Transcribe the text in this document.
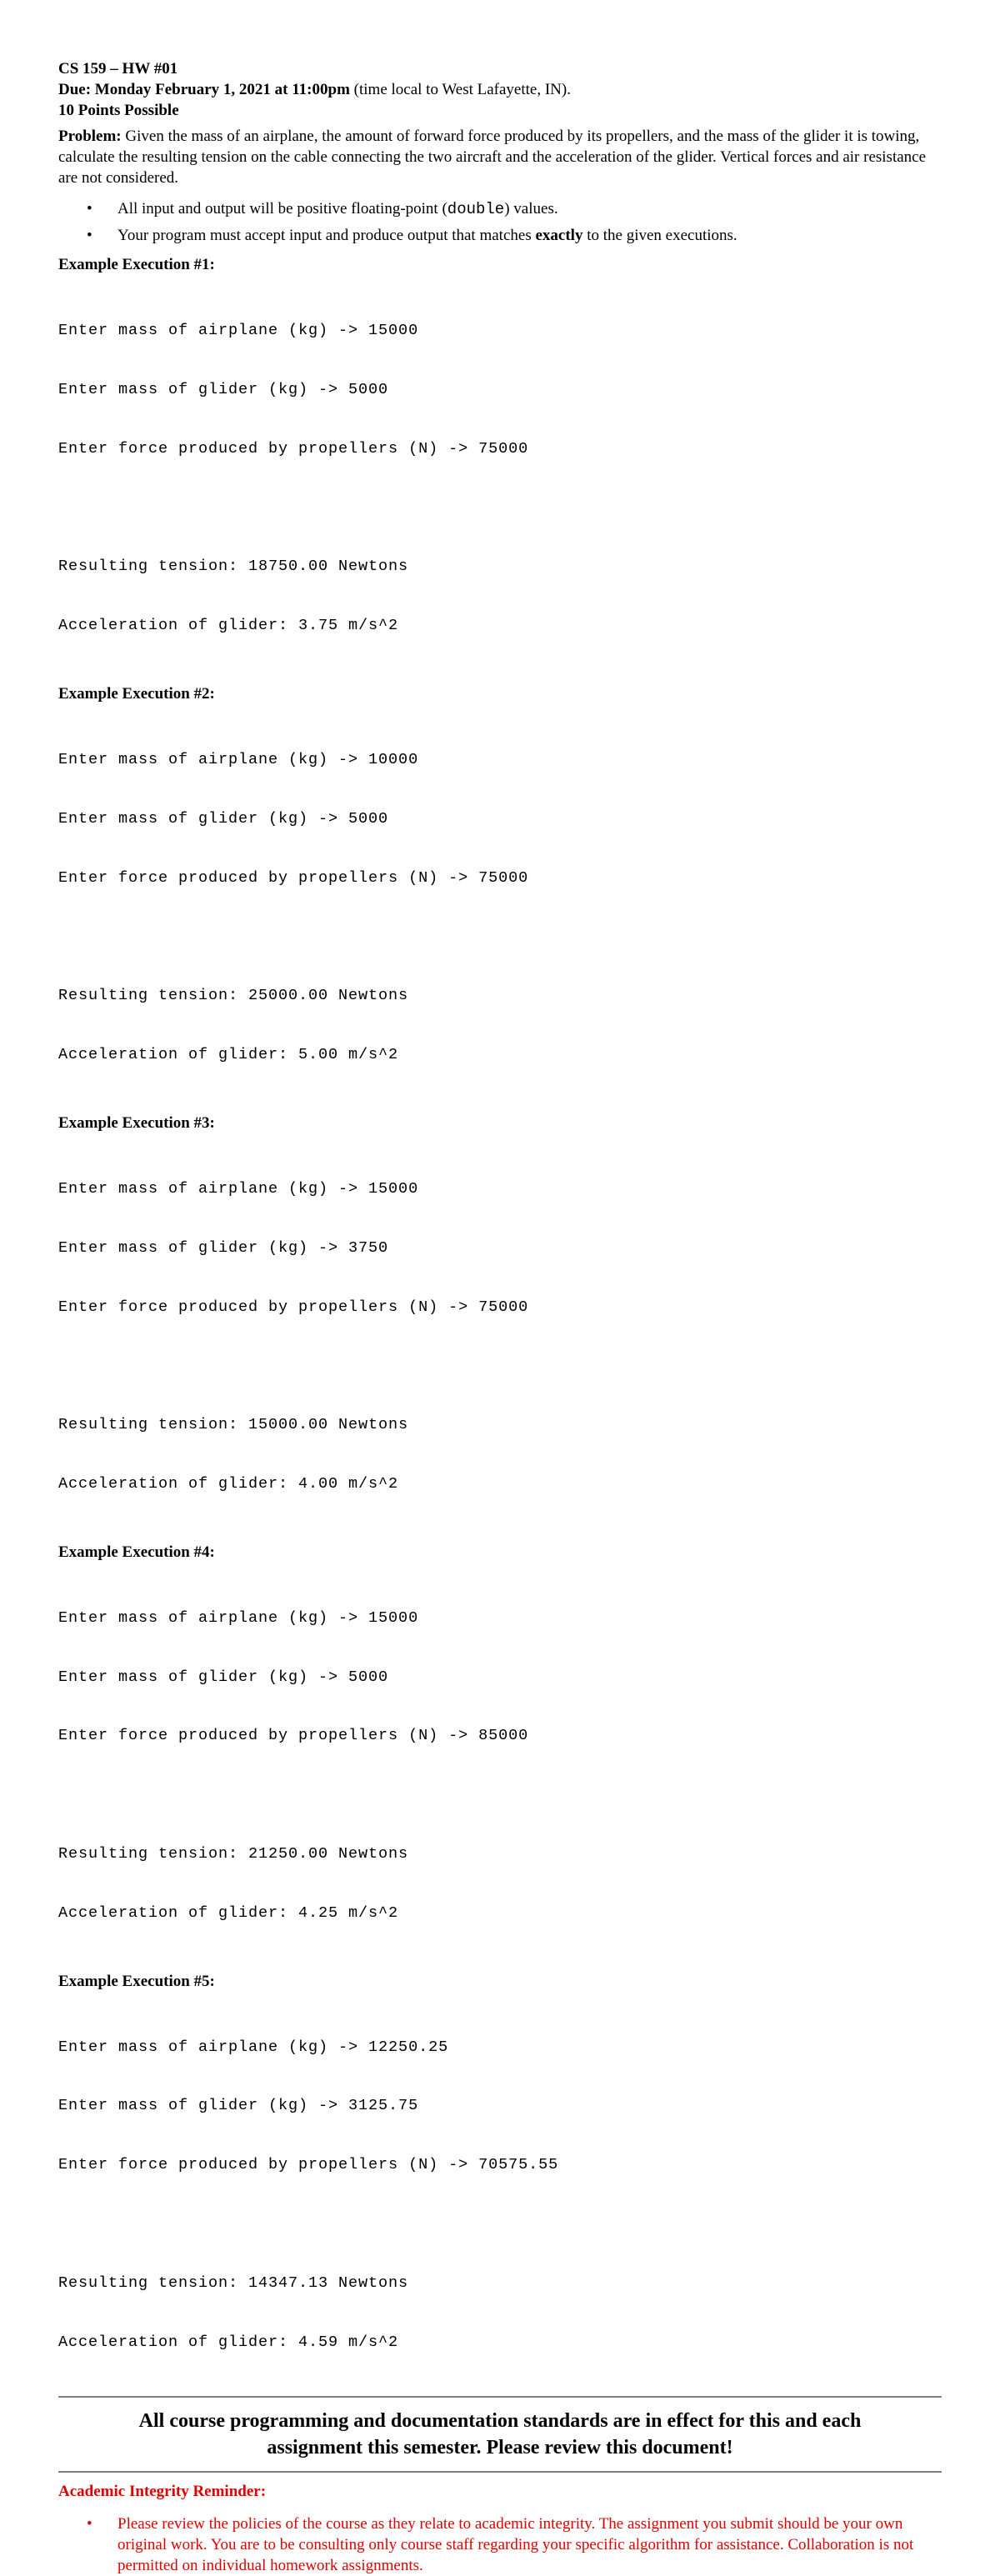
CS 159 – HW #01
Due: Monday February 1, 2021 at 11:00pm (time local to West Lafayette, IN).
10 Points Possible
Problem: Given the mass of an airplane, the amount of forward force produced by its propellers, and the mass of the glider it is towing, calculate the resulting tension on the cable connecting the two aircraft and the acceleration of the glider. Vertical forces and air resistance are not considered.
• All input and output will be positive floating-point (double) values.
• Your program must accept input and produce output that matches exactly to the given executions.
Example Execution #1:

Enter mass of airplane (kg) -> 15000

Enter mass of glider (kg) -> 5000

Enter force produced by propellers (N) -> 75000

Resulting tension: 18750.00 Newtons

Acceleration of glider: 3.75 m/s^2

Example Execution #2:

Enter mass of airplane (kg) -> 10000

Enter mass of glider (kg) -> 5000

Enter force produced by propellers (N) -> 75000

Resulting tension: 25000.00 Newtons

Acceleration of glider: 5.00 m/s^2

Example Execution #3:

Enter mass of airplane (kg) -> 15000

Enter mass of glider (kg) -> 3750

Enter force produced by propellers (N) -> 75000

Resulting tension: 15000.00 Newtons

Acceleration of glider: 4.00 m/s^2

Example Execution #4:

Enter mass of airplane (kg) -> 15000

Enter mass of glider (kg) -> 5000

Enter force produced by propellers (N) -> 85000

Resulting tension: 21250.00 Newtons

Acceleration of glider: 4.25 m/s^2

Example Execution #5:

Enter mass of airplane (kg) -> 12250.25

Enter mass of glider (kg) -> 3125.75

Enter force produced by propellers (N) -> 70575.55

Resulting tension: 14347.13 Newtons

Acceleration of glider: 4.59 m/s^2

All course programming and documentation standards are in effect for this and each
assignment this semester. Please review this document!
Academic Integrity Reminder:
• Please review the policies of the course as they relate to academic integrity. The assignment you submit should be your own original work. You are to be consulting only course staff regarding your specific algorithm for assistance. Collaboration is not permitted on individual homework assignments.
